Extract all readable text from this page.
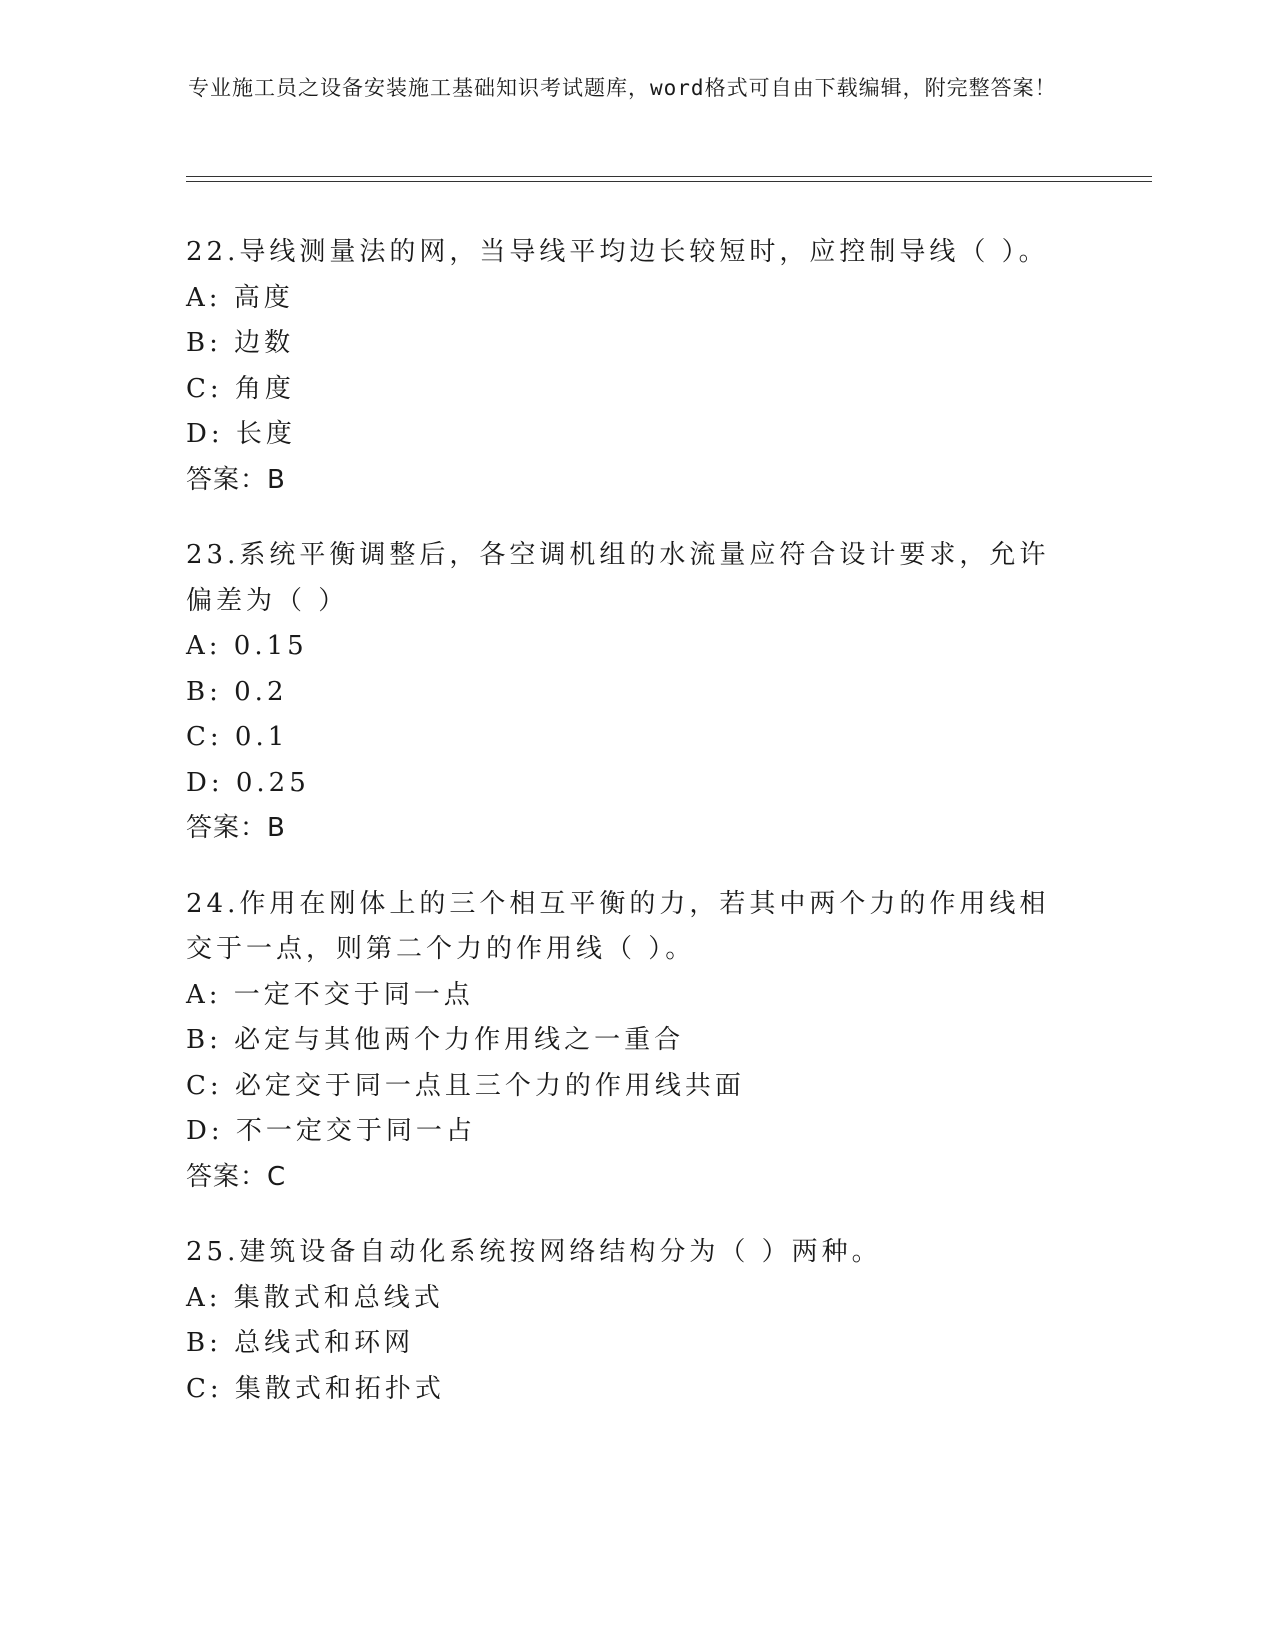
专业施工员之设备安装施工基础知识考试题库，word格式可自由下载编辑，附完整答案！
22.导线测量法的网，当导线平均边长较短时，应控制导线（ ）。
A: 高度
B: 边数
C: 角度
D: 长度
答案：B
23.系统平衡调整后，各空调机组的水流量应符合设计要求，允许偏差为（ ）
A: 0.15
B: 0.2
C: 0.1
D: 0.25
答案：B
24.作用在刚体上的三个相互平衡的力，若其中两个力的作用线相交于一点，则第二个力的作用线（ ）。
A: 一定不交于同一点
B: 必定与其他两个力作用线之一重合
C: 必定交于同一点且三个力的作用线共面
D: 不一定交于同一占
答案：C
25.建筑设备自动化系统按网络结构分为（ ）两种。
A: 集散式和总线式
B: 总线式和环网
C: 集散式和拓扑式
